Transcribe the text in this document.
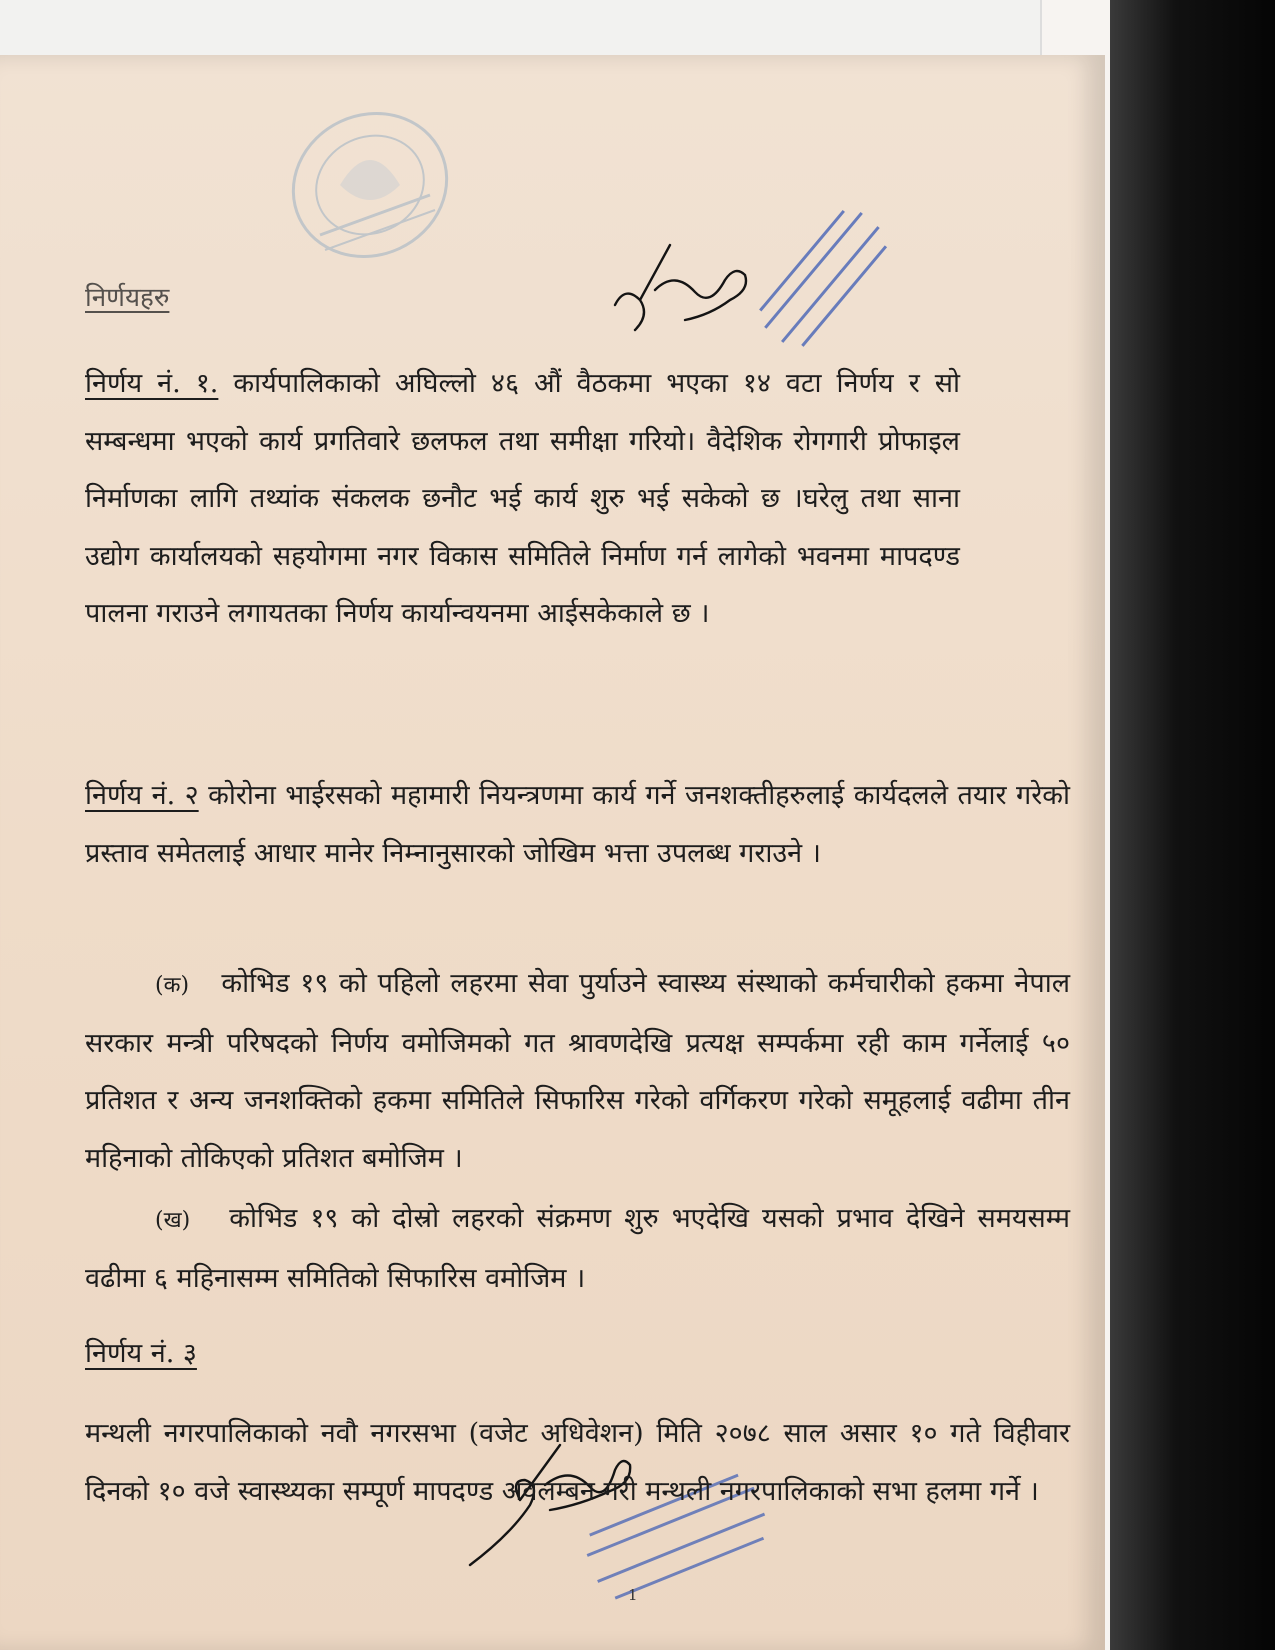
निर्णयहरु
निर्णय नं. १. कार्यपालिकाको अघिल्लो ४६ औं वैठकमा भएका १४ वटा निर्णय र सो सम्बन्धमा भएको कार्य प्रगतिवारे छलफल तथा समीक्षा गरियो। वैदेशिक रोगगारी प्रोफाइल निर्माणका लागि तथ्यांक संकलक छनौट भई कार्य शुरु भई सकेको छ ।घरेलु तथा साना उद्योग कार्यालयको सहयोगमा नगर विकास समितिले निर्माण गर्न लागेको भवनमा मापदण्ड पालना गराउने लगायतका निर्णय कार्यान्वयनमा आईसकेकाले छ ।
निर्णय नं. २ कोरोना भाईरसको महामारी नियन्त्रणमा कार्य गर्ने जनशक्तीहरुलाई कार्यदलले तयार गरेको प्रस्ताव समेतलाई आधार मानेर निम्नानुसारको जोखिम भत्ता उपलब्ध गराउने ।
(क) कोभिड १९ को पहिलो लहरमा सेवा पुर्याउने स्वास्थ्य संस्थाको कर्मचारीको हकमा नेपाल सरकार मन्त्री परिषदको निर्णय वमोजिमको गत श्रावणदेखि प्रत्यक्ष सम्पर्कमा रही काम गर्नेलाई ५० प्रतिशत र अन्य जनशक्तिको हकमा समितिले सिफारिस गरेको वर्गिकरण गरेको समूहलाई वढीमा तीन महिनाको तोकिएको प्रतिशत बमोजिम ।
(ख) कोभिड १९ को दोस्रो लहरको संक्रमण शुरु भएदेखि यसको प्रभाव देखिने समयसम्म वढीमा ६ महिनासम्म समितिको सिफारिस वमोजिम ।
निर्णय नं. ३
मन्थली नगरपालिकाको नवौ नगरसभा (वजेट अधिवेशन) मिति २०७८ साल असार १० गते विहीवार दिनको १० वजे स्वास्थ्यका सम्पूर्ण मापदण्ड अवलम्बन गरी मन्थली नगरपालिकाको सभा हलमा गर्ने ।
1
